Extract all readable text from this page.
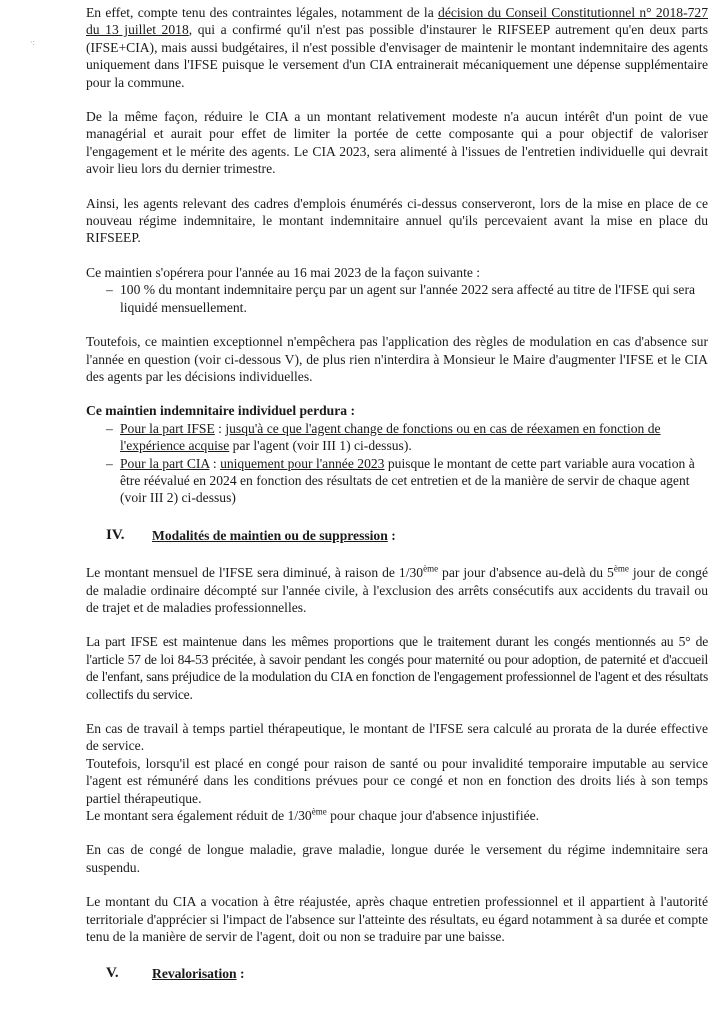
·:

En effet, compte tenu des contraintes légales, notamment de la décision du Conseil Constitutionnel n° 2018-727 du 13 juillet 2018, qui a confirmé qu'il n'est pas possible d'instaurer le RIFSEEP autrement qu'en deux parts (IFSE+CIA), mais aussi budgétaires, il n'est possible d'envisager de maintenir le montant indemnitaire des agents uniquement dans l'IFSE puisque le versement d'un CIA entrainerait mécaniquement une dépense supplémentaire pour la commune.

De la même façon, réduire le CIA a un montant relativement modeste n'a aucun intérêt d'un point de vue managérial et aurait pour effet de limiter la portée de cette composante qui a pour objectif de valoriser l'engagement et le mérite des agents. Le CIA 2023, sera alimenté à l'issues de l'entretien individuelle qui devrait avoir lieu lors du dernier trimestre.

Ainsi, les agents relevant des cadres d'emplois énumérés ci-dessus conserveront, lors de la mise en place de ce nouveau régime indemnitaire, le montant indemnitaire annuel qu'ils percevaient avant la mise en place du RIFSEEP.

Ce maintien s'opérera pour l'année au 16 mai 2023 de la façon suivante :

– 100 % du montant indemnitaire perçu par un agent sur l'année 2022 sera affecté au titre de l'IFSE qui sera liquidé mensuellement.

Toutefois, ce maintien exceptionnel n'empêchera pas l'application des règles de modulation en cas d'absence sur l'année en question (voir ci-dessous V), de plus rien n'interdira à Monsieur le Maire d'augmenter l'IFSE et le CIA des agents par les décisions individuelles.

Ce maintien indemnitaire individuel perdura :

– Pour la part IFSE : jusqu'à ce que l'agent change de fonctions ou en cas de réexamen en fonction de l'expérience acquise par l'agent (voir III 1) ci-dessus).
– Pour la part CIA : uniquement pour l'année 2023 puisque le montant de cette part variable aura vocation à être réévalué en 2024 en fonction des résultats de cet entretien et de la manière de servir de chaque agent (voir III 2) ci-dessus)
IV.	Modalités de maintien ou de suppression :

Le montant mensuel de l'IFSE sera diminué, à raison de 1/30ème par jour d'absence au-delà du 5ème jour de congé de maladie ordinaire décompté sur l'année civile, à l'exclusion des arrêts consécutifs aux accidents du travail ou de trajet et de maladies professionnelles.

La part IFSE est maintenue dans les mêmes proportions que le traitement durant les congés mentionnés au 5° de l'article 57 de loi 84-53 précitée, à savoir pendant les congés pour maternité ou pour adoption, de paternité et d'accueil de l'enfant, sans préjudice de la modulation du CIA en fonction de l'engagement professionnel de l'agent et des résultats collectifs du service.

En cas de travail à temps partiel thérapeutique, le montant de l'IFSE sera calculé au prorata de la durée effective de service.

Toutefois, lorsqu'il est placé en congé pour raison de santé ou pour invalidité temporaire imputable au service l'agent est rémunéré dans les conditions prévues pour ce congé et non en fonction des droits liés à son temps partiel thérapeutique.

Le montant sera également réduit de 1/30ème pour chaque jour d'absence injustifiée.

En cas de congé de longue maladie, grave maladie, longue durée le versement du régime indemnitaire sera suspendu.

Le montant du CIA a vocation à être réajustée, après chaque entretien professionnel et il appartient à l'autorité territoriale d'apprécier si l'impact de l'absence sur l'atteinte des résultats, eu égard notamment à sa durée et compte tenu de la manière de servir de l'agent, doit ou non se traduire par une baisse.

V.	Revalorisation :
